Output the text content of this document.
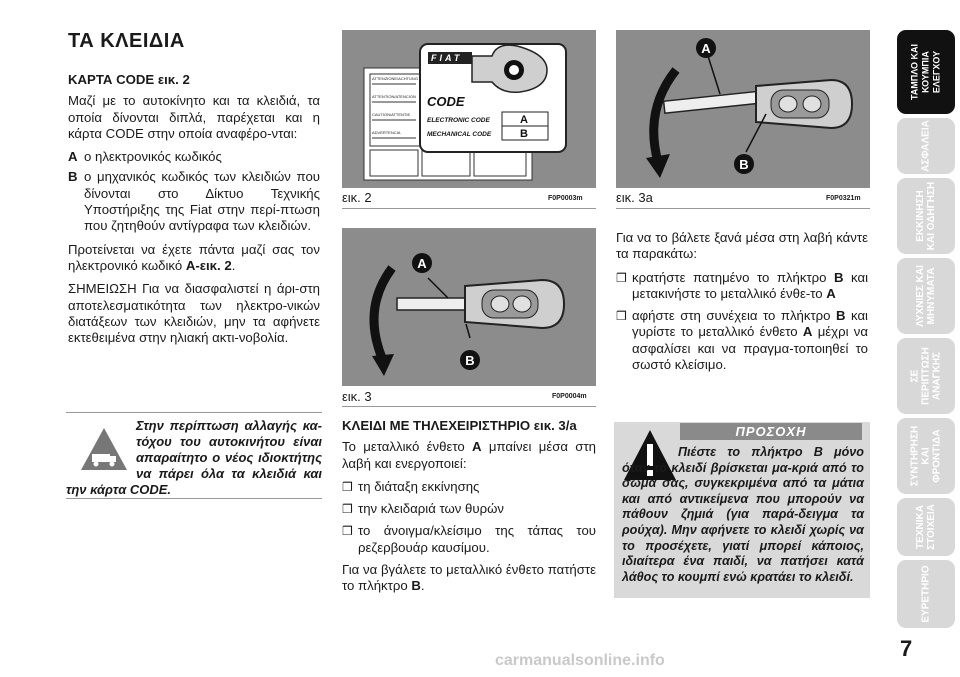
ΤΑ ΚΛΕΙΔΙΑ

ΚΑΡΤΑ CODE εικ. 2

Μαζί με το αυτοκίνητο και τα κλειδιά, τα οποία δίνονται διπλά, παρέχεται και η κάρτα CODE στην οποία αναφέρο-νται:

A ο ηλεκτρονικός κωδικός
B ο μηχανικός κωδικός των κλειδιών που δίνονται στο Δίκτυο Τεχνικής Υποστήριξης της Fiat στην περί-πτωση που ζητηθούν αντίγραφα των κλειδιών.

Προτείνεται να έχετε πάντα μαζί σας τον ηλεκτρονικό κωδικό A-εικ. 2.

ΣΗΜΕΙΩΣΗ Για να διασφαλιστεί η άρι-στη αποτελεσματικότητα των ηλεκτρο-νικών διατάξεων των κλειδιών, μην τα αφήνετε εκτεθειμένα στην ηλιακή ακτι-νοβολία.

Στην περίπτωση αλλαγής κα-τόχου του αυτοκινήτου είναι απαραίτητο ο νέος ιδιοκτήτης να πάρει όλα τα κλειδιά και την κάρτα CODE.
ATTENZIONE/ACHTUNG
ATTENTION/ATENCION
CAUTION/ATTENTIE
ADVERTENCIA
FIAT
CODE
ELECTRONIC CODE	A
MECHANICAL CODE	B
εικ. 2	F0P0003m
A
B
εικ. 3	F0P0004m
A
B
εικ. 3a	F0P0321m

ΚΛΕΙΔΙ ΜΕ ΤΗΛΕΧΕΙΡΙΣΤΗΡΙΟ εικ. 3/a

Το μεταλλικό ένθετο A μπαίνει μέσα στη λαβή και ενεργοποιεί:

❒ τη διάταξη εκκίνησης
❒ την κλειδαριά των θυρών
❒ το άνοιγμα/κλείσιμο της τάπας του ρεζερβουάρ καυσίμου.

Για να βγάλετε το μεταλλικό ένθετο πατήστε το πλήκτρο B.

Για να το βάλετε ξανά μέσα στη λαβή κάντε τα παρακάτω:

❒ κρατήστε πατημένο το πλήκτρο B και μετακινήστε το μεταλλικό ένθε-το A
❒ αφήστε στη συνέχεια το πλήκτρο B και γυρίστε το μεταλλικό ένθετο A μέχρι να ασφαλίσει και να πραγμα-τοποιηθεί το σωστό κλείσιμο.
ΠΡΟΣΟΧΗ
Πιέστε το πλήκτρο B μόνο όταν το κλειδί βρίσκεται μα-κριά από το σώμα σας, συγκεκριμένα από τα μάτια και από αντικείμενα που μπορούν να πάθουν ζημιά (για παρά-δειγμα τα ρούχα). Μην αφήνετε το κλειδί χωρίς να το προσέχετε, γιατί μπορεί κάποιος, ιδιαίτερα ένα παιδί, να πατήσει κατά λάθος το κουμπί ενώ κρατάει το κλειδί.
ΤΑΜΠΛΟ ΚΑΙ ΚΟΥΜΠΙΑ ΕΛΕΓΧΟΥ
ΑΣΦΑΛΕΙΑ
ΕΚΚΙΝΗΣΗ ΚΑΙ ΟΔΗΓΗΣΗ
ΛΥΧΝΙΕΣ ΚΑΙ ΜΗΝΥΜΑΤΑ
ΣΕ ΠΕΡΙΠΤΩΣΗ ΑΝΑΓΚΗΣ
ΣΥΝΤΗΡΗΣΗ ΚΑΙ ΦΡΟΝΤΙΔΑ
ΤΕΧΝΙΚΑ ΣΤΟΙΧΕΙΑ
ΕΥΡΕΤΗΡΙΟ
7
carmanualsonline.info
